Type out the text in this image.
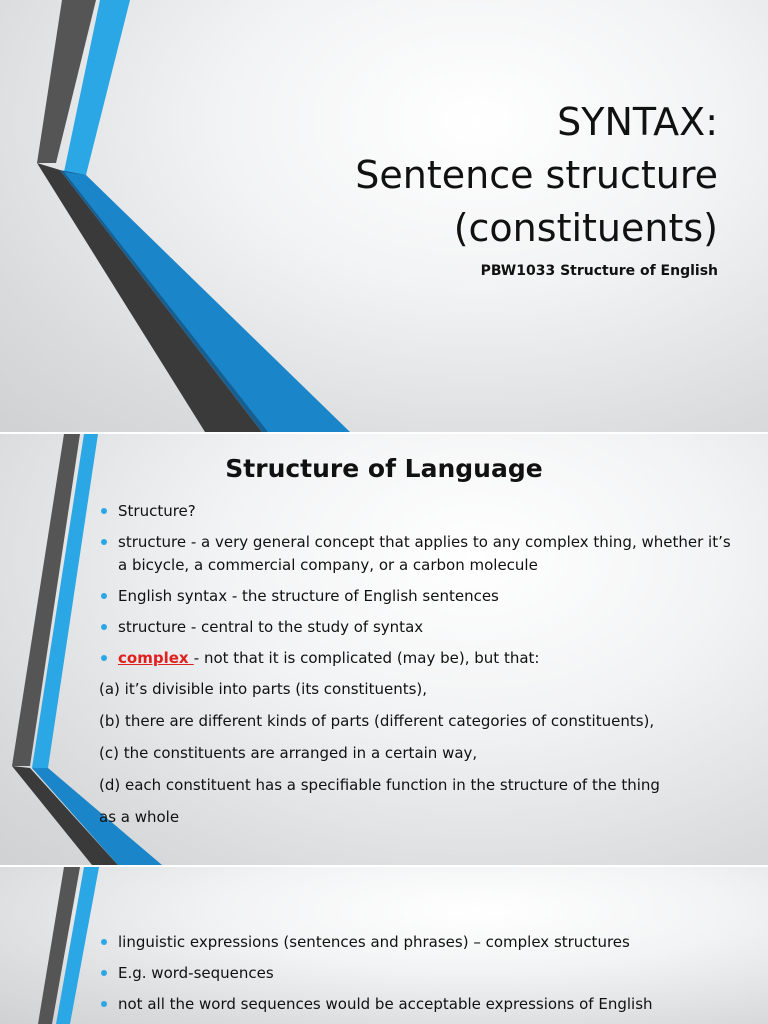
SYNTAX:
Sentence structure
(constituents)
PBW1033 Structure of English
Structure of Language
Structure?
structure - a very general concept that applies to any complex thing, whether it’s a bicycle, a commercial company, or a carbon molecule
English syntax - the structure of English sentences
structure - central to the study of syntax
complex - not that it is complicated (may be), but that:
(a) it’s divisible into parts (its constituents),
(b) there are different kinds of parts (different categories of constituents),
(c) the constituents are arranged in a certain way,
(d) each constituent has a specifiable function in the structure of the thing
as a whole
linguistic expressions (sentences and phrases) – complex structures
E.g. word-sequences
not all the word sequences would be acceptable expressions of English
